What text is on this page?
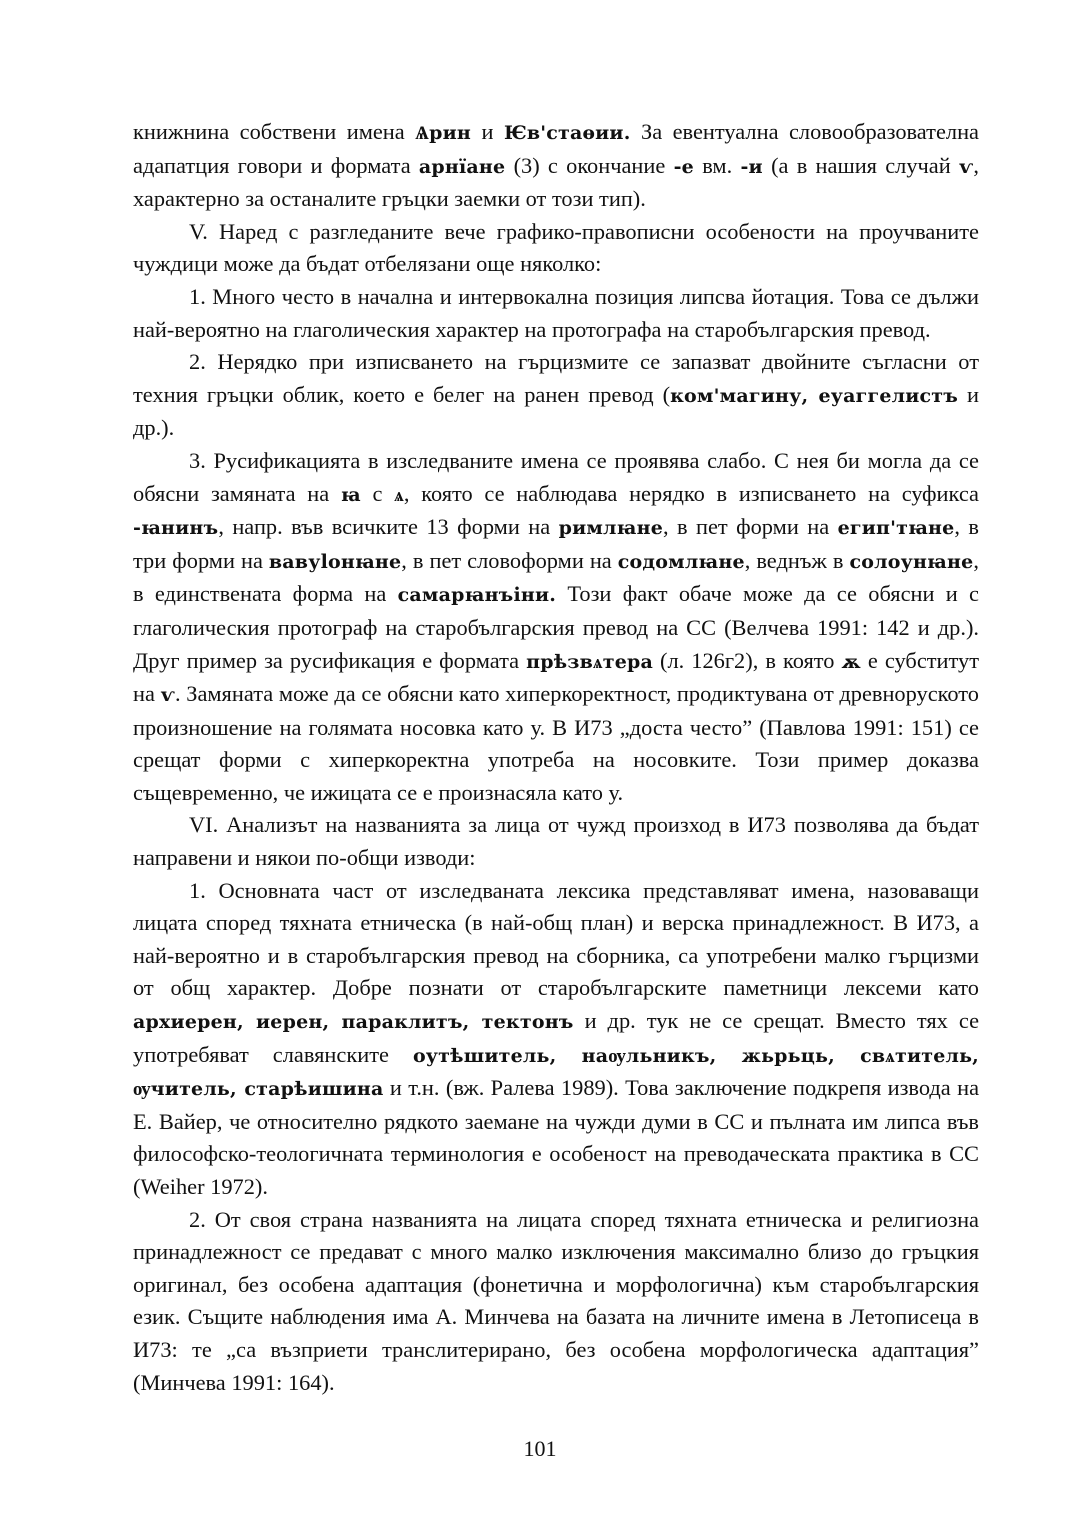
книжнина собствени имена Ѧрин и Ѥв'стаѳии. За евентуална словообразователна адапатция говори и формата арнїане (3) с окончание -е вм. -и (а в нашия случай ѵ, характерно за останалите гръцки заемки от този тип).

V. Наред с разгледаните вече графико-правописни особености на проучваните чуждици може да бъдат отбелязани още няколко:

1. Много често в начална и интервокална позиция липсва йотация. Това се дължи най-вероятно на глаголическия характер на протографа на старобългарския превод.

2. Нерядко при изписването на гърцизмите се запазват двойните съгласни от техния гръцки облик, което е белег на ранен превод (ком'магину, еуаггелистъ и др.).

3. Русификацията в изследваните имена се проявява слабо. С нея би могла да се обясни замяната на ꙗ с ѧ, която се наблюдава нерядко в изписването на суфикса -ꙗнинъ, напр. във всичките 13 форми на римлꙗне, в пет форми на егип'тꙗне, в три форми на вавуlонꙗне, в пет словоформи на содомлꙗне, веднъж в солоунꙗне, в единствената форма на самарꙗнъіни. Този факт обаче може да се обясни и с глаголическия протограф на старобългарския превод на СС (Велчева 1991: 142 и др.). Друг пример за русификация е формата прѣзвѧтера (л. 126г2), в която ѫ е субститут на ѵ. Замяната може да се обясни като хиперкоректност, продиктувана от древноруското произношение на голямата носовка като у. В И73 „доста често” (Павлова 1991: 151) се срещат форми с хиперкоректна употреба на носовките. Този пример доказва същевременно, че ижицата се е произнасяла като у.

VI. Анализът на названията за лица от чужд произход в И73 позволява да бъдат направени и някои по-общи изводи:

1. Основната част от изследваната лексика представляват имена, назоваващи лицата според тяхната етническа (в най-общ план) и верска принадлежност. В И73, а най-вероятно и в старобългарския превод на сборника, са употребени малко гърцизми от общ характер. Добре познати от старобългарските паметници лексеми като архиерен, иерен, параклитъ, тектонъ и др. тук не се срещат. Вместо тях се употребяват славянските оутѣшитель, наѹльникъ, жьрьць, свѧтитель, ѹчитель, старѣишина и т.н. (вж. Ралева 1989). Това заключение подкрепя извода на Е. Вайер, че относително рядкото заемане на чужди думи в СС и пълната им липса във философско-теологичната терминология е особеност на преводаческата практика в СС (Weiher 1972).

2. От своя страна названията на лицата според тяхната етническа и религиозна принадлежност се предават с много малко изключения максимално близо до гръцкия оригинал, без особена адаптация (фонетична и морфологична) към старобългарския език. Същите наблюдения има А. Минчева на базата на личните имена в Летописеца в И73: те „са възприети транслитерирано, без особена морфологическа адаптация” (Минчева 1991: 164).

101
